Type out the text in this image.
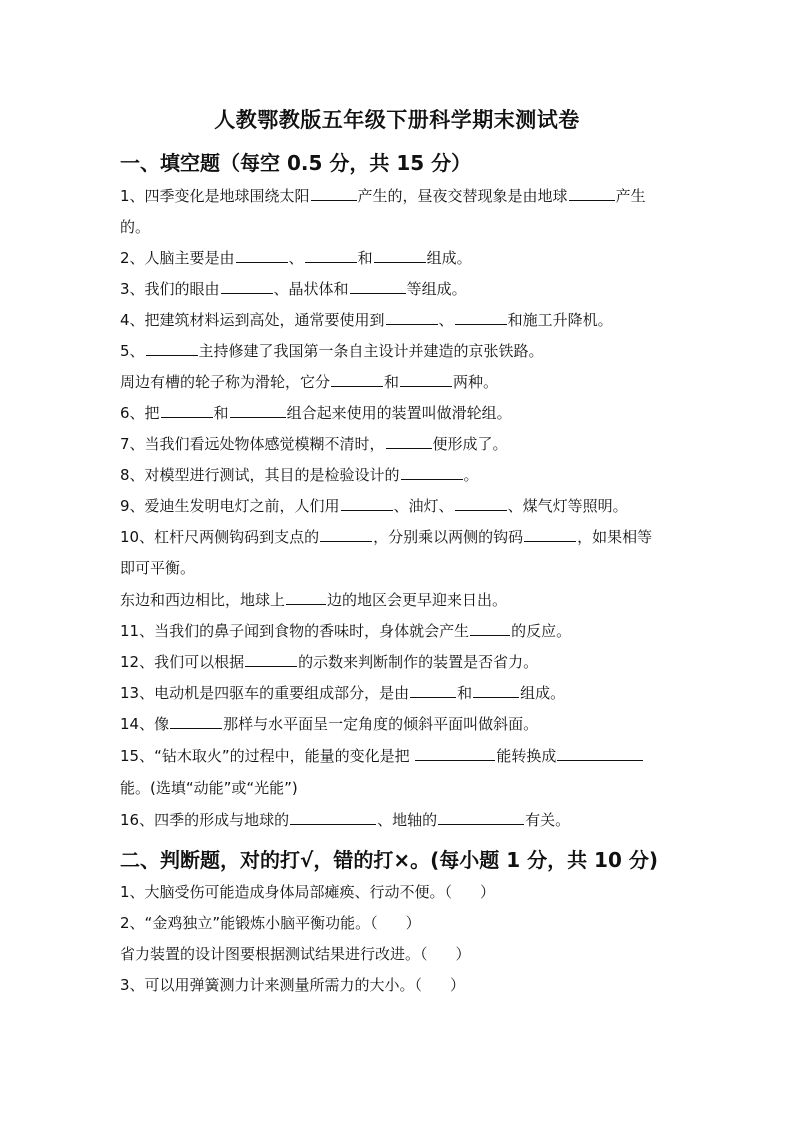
人教鄂教版五年级下册科学期末测试卷
一、填空题（每空 0.5 分，共 15 分）
1、四季变化是地球围绕太阳	产生的，昼夜交替现象是由地球	产生
的。
2、人脑主要是由	、	和	组成。
3、我们的眼由	、晶状体和	等组成。
4、把建筑材料运到高处，通常要使用到	、	和施工升降机。
5、	主持修建了我国第一条自主设计并建造的京张铁路。
周边有槽的轮子称为滑轮，它分	和	两种。
6、把	和	组合起来使用的装置叫做滑轮组。
7、当我们看远处物体感觉模糊不清时，	便形成了。
8、对模型进行测试，其目的是检验设计的	。
9、爱迪生发明电灯之前，人们用	、油灯、	、煤气灯等照明。
10、杠杆尺两侧钩码到支点的	，分别乘以两侧的钩码	，如果相等
即可平衡。
东边和西边相比，地球上	边的地区会更早迎来日出。
11、当我们的鼻子闻到食物的香味时，身体就会产生	的反应。
12、我们可以根据	的示数来判断制作的装置是否省力。
13、电动机是四驱车的重要组成部分，是由	和	组成。
14、像	那样与水平面呈一定角度的倾斜平面叫做斜面。
15、“钻木取火”的过程中，能量的变化是把	能转换成
能。(选填“动能”或“光能”)
16、四季的形成与地球的	、地轴的	有关。
二、判断题，对的打√，错的打×。(每小题 1 分，共 10 分)
1、大脑受伤可能造成身体局部瘫痪、行动不便。（ ）
2、“金鸡独立”能锻炼小脑平衡功能。（ ）
省力装置的设计图要根据测试结果进行改进。（ ）
3、可以用弹簧测力计来测量所需力的大小。（ ）
